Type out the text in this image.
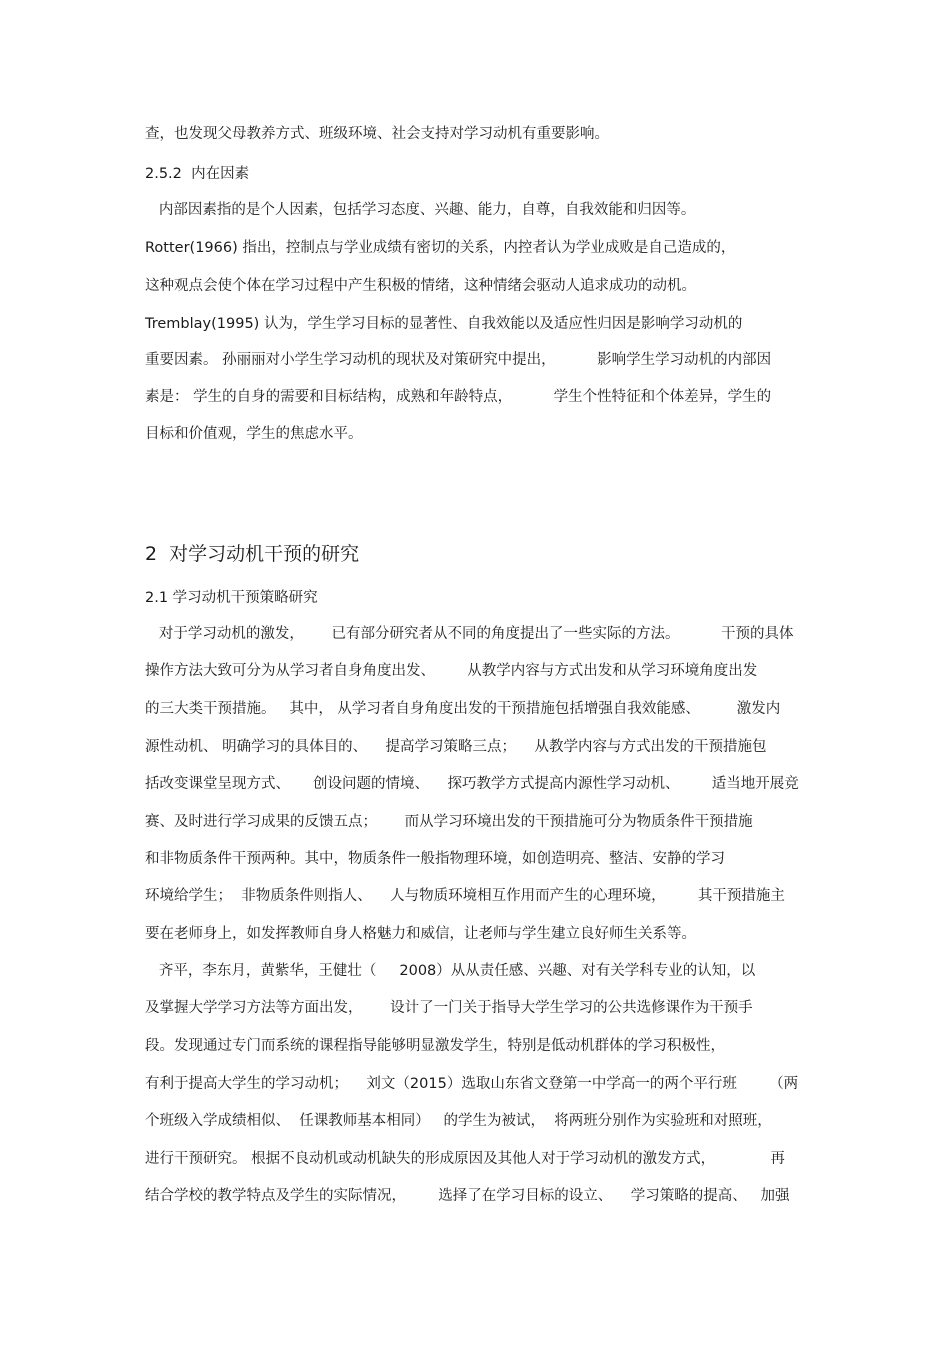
查，也发现父母教养方式、班级环境、社会支持对学习动机有重要影响。
2.5.2  内在因素
内部因素指的是个人因素，包括学习态度、兴趣、能力，自尊，自我效能和归因等。
Rotter(1966) 指出，控制点与学业成绩有密切的关系，内控者认为学业成败是自己造成的，
这种观点会使个体在学习过程中产生积极的情绪，这种情绪会驱动人追求成功的动机。
Tremblay(1995) 认为，学生学习目标的显著性、自我效能以及适应性归因是影响学习动机的
重要因素。 孙丽丽对小学生学习动机的现状及对策研究中提出，         影响学生学习动机的内部因
素是： 学生的自身的需要和目标结构，成熟和年龄特点，         学生个性特征和个体差异，学生的
目标和价值观，学生的焦虑水平。
2  对学习动机干预的研究
2.1 学习动机干预策略研究
对于学习动机的激发，      已有部分研究者从不同的角度提出了一些实际的方法。         干预的具体
操作方法大致可分为从学习者自身角度出发、       从教学内容与方式出发和从学习环境角度出发
的三大类干预措施。   其中， 从学习者自身角度出发的干预措施包括增强自我效能感、        激发内
源性动机、 明确学习的具体目的、    提高学习策略三点；    从教学内容与方式出发的干预措施包
括改变课堂呈现方式、     创设问题的情境、    探巧教学方式提高内源性学习动机、       适当地开展竞
赛、及时进行学习成果的反馈五点；      而从学习环境出发的干预措施可分为物质条件干预措施
和非物质条件干预两种。其中，物质条件一般指物理环境，如创造明亮、整洁、安静的学习
环境给学生；  非物质条件则指人、    人与物质环境相互作用而产生的心理环境，       其干预措施主
要在老师身上，如发挥教师自身人格魅力和威信，让老师与学生建立良好师生关系等。
齐平，李东月，黄紫华，王健壮（     2008）从从责任感、兴趣、对有关学科专业的认知，以
及掌握大学学习方法等方面出发，      设计了一门关于指导大学生学习的公共选修课作为干预手
段。发现通过专门而系统的课程指导能够明显激发学生，特别是低动机群体的学习积极性，
有利于提高大学生的学习动机；    刘文（2015）选取山东省文登第一中学高一的两个平行班       （两
个班级入学成绩相似、  任课教师基本相同）   的学生为被试，  将两班分别作为实验班和对照班，
进行干预研究。 根据不良动机或动机缺失的形成原因及其他人对于学习动机的激发方式，            再
结合学校的教学特点及学生的实际情况，       选择了在学习目标的设立、    学习策略的提高、   加强
